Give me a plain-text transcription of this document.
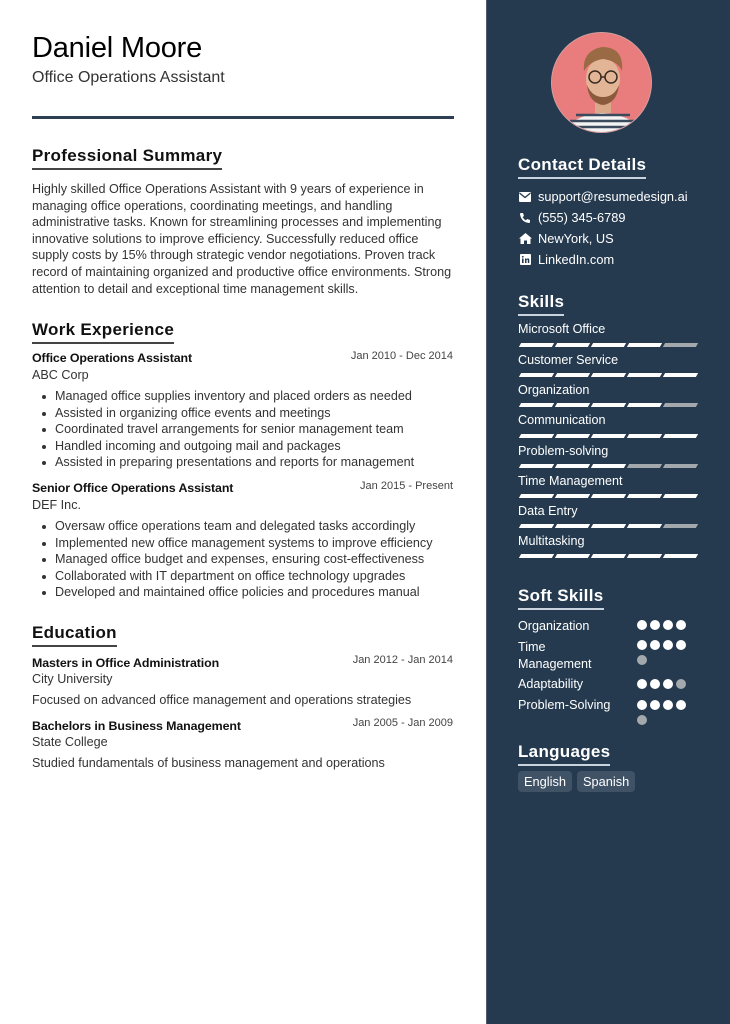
Daniel Moore
Office Operations Assistant
Professional Summary

Highly skilled Office Operations Assistant with 9 years of experience in managing office operations, coordinating meetings, and handling administrative tasks. Known for streamlining processes and implementing innovative solutions to improve efficiency. Successfully reduced office supply costs by 15% through strategic vendor negotiations. Proven track record of maintaining organized and productive office environments. Strong attention to detail and exceptional time management skills.

Work Experience
Office Operations Assistant	Jan 2010 - Dec 2014
ABC Corp
Managed office supplies inventory and placed orders as needed
Assisted in organizing office events and meetings
Coordinated travel arrangements for senior management team
Handled incoming and outgoing mail and packages
Assisted in preparing presentations and reports for management
Senior Office Operations Assistant	Jan 2015 - Present
DEF Inc.
Oversaw office operations team and delegated tasks accordingly
Implemented new office management systems to improve efficiency
Managed office budget and expenses, ensuring cost-effectiveness
Collaborated with IT department on office technology upgrades
Developed and maintained office policies and procedures manual
Education
Masters in Office Administration	Jan 2012 - Jan 2014
City University
Focused on advanced office management and operations strategies
Bachelors in Business Management	Jan 2005 - Jan 2009
State College
Studied fundamentals of business management and operations
Contact Details
support@resumedesign.ai
(555) 345-6789
NewYork, US
LinkedIn.com
Skills
Microsoft Office
Customer Service
Organization
Communication
Problem-solving
Time Management
Data Entry
Multitasking
Soft Skills
Organization
Time
Management
Adaptability
Problem-Solving
Languages
English	Spanish
